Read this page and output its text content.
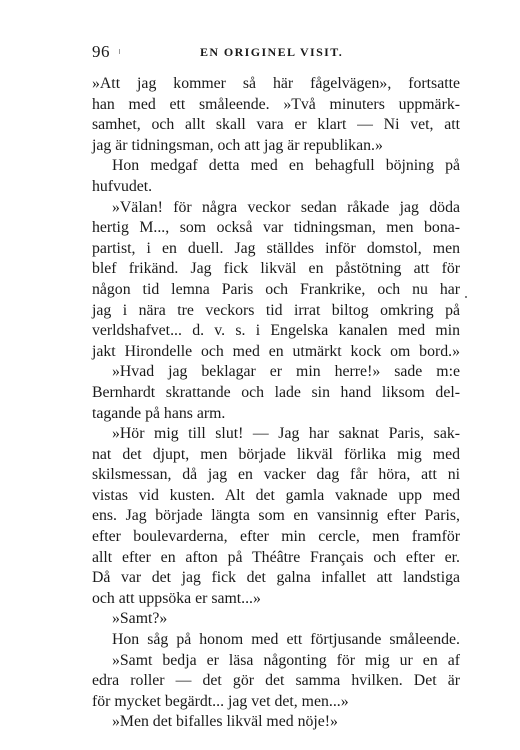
96	EN ORIGINEL VISIT.
»Att jag kommer så här fågelvägen», fortsatte
han med ett småleende. »Två minuters uppmärk-
samhet, och allt skall vara er klart — Ni vet, att
jag är tidningsman, och att jag är republikan.»
Hon medgaf detta med en behagfull böjning på
hufvudet.
»Välan! för några veckor sedan råkade jag döda
hertig M..., som också var tidningsman, men bona-
partist, i en duell. Jag ställdes inför domstol, men
blef frikänd. Jag fick likväl en påstötning att för
någon tid lemna Paris och Frankrike, och nu har
jag i nära tre veckors tid irrat biltog omkring på
verldshafvet... d. v. s. i Engelska kanalen med min
jakt Hirondelle och med en utmärkt kock om bord.»
»Hvad jag beklagar er min herre!» sade m:e
Bernhardt skrattande och lade sin hand liksom del-
tagande på hans arm.
»Hör mig till slut! — Jag har saknat Paris, sak-
nat det djupt, men började likväl förlika mig med
skilsmessan, då jag en vacker dag får höra, att ni
vistas vid kusten. Alt det gamla vaknade upp med
ens. Jag började längta som en vansinnig efter Paris,
efter boulevarderna, efter min cercle, men framför
allt efter en afton på Théâtre Français och efter er.
Då var det jag fick det galna infallet att landstiga
och att uppsöka er samt...»
»Samt?»
Hon såg på honom med ett förtjusande småleende.
»Samt bedja er läsa någonting för mig ur en af
edra roller — det gör det samma hvilken. Det är
för mycket begärdt... jag vet det, men...»
»Men det bifalles likväl med nöje!»
